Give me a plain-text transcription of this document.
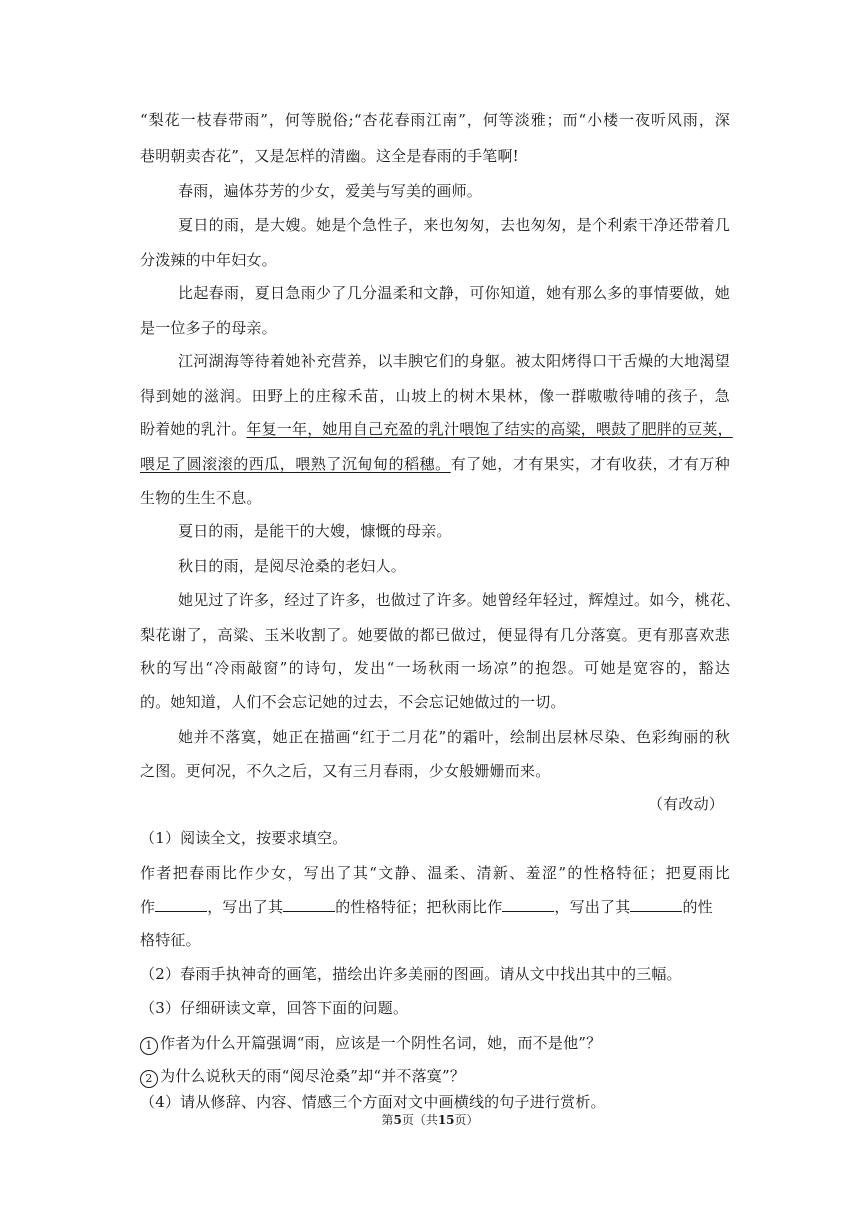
“梨花一枝春带雨”，何等脱俗;“杏花春雨江南”，何等淡雅；而“小楼一夜听风雨，深
巷明朝卖杏花”，又是怎样的清幽。这全是春雨的手笔啊!
春雨，遍体芬芳的少女，爱美与写美的画师。
夏日的雨，是大嫂。她是个急性子，来也匆匆，去也匆匆，是个利索干净还带着几
分泼辣的中年妇女。
比起春雨，夏日急雨少了几分温柔和文静，可你知道，她有那么多的事情要做，她
是一位多子的母亲。
江河湖海等待着她补充营养，以丰腴它们的身躯。被太阳烤得口干舌燥的大地渴望
得到她的滋润。田野上的庄稼禾苗，山坡上的树木果林，像一群嗷嗷待哺的孩子，急
盼着她的乳汁。年复一年，她用自己充盈的乳汁喂饱了结实的高粱，喂鼓了肥胖的豆荚，
喂足了圆滚滚的西瓜，喂熟了沉甸甸的稻穗。有了她，才有果实，才有收获，才有万种
生物的生生不息。
夏日的雨，是能干的大嫂，慷慨的母亲。
秋日的雨，是阅尽沧桑的老妇人。
她见过了许多，经过了许多，也做过了许多。她曾经年轻过，辉煌过。如今，桃花、
梨花谢了，高粱、玉米收割了。她要做的都已做过，便显得有几分落寞。更有那喜欢悲
秋的写出“冷雨敲窗”的诗句，发出“一场秋雨一场凉”的抱怨。可她是宽容的，豁达
的。她知道，人们不会忘记她的过去，不会忘记她做过的一切。
她并不落寞，她正在描画“红于二月花”的霜叶，绘制出层林尽染、色彩绚丽的秋
之图。更何况，不久之后，又有三月春雨，少女般姗姗而来。
（有改动）
（1）阅读全文，按要求填空。
作者把春雨比作少女，写出了其“文静、温柔、清新、羞涩”的性格特征；把夏雨比
作	，写出了其	的性格特征；把秋雨比作	，写出了其	的性
格特征。
（2）春雨手执神奇的画笔，描绘出许多美丽的图画。请从文中找出其中的三幅。
（3）仔细研读文章，回答下面的问题。
1 作者为什么开篇强调“雨，应该是一个阴性名词，她，而不是他”？
2 为什么说秋天的雨“阅尽沧桑”却“并不落寞”？
（4）请从修辞、内容、情感三个方面对文中画横线的句子进行赏析。
第5页（共15页）
